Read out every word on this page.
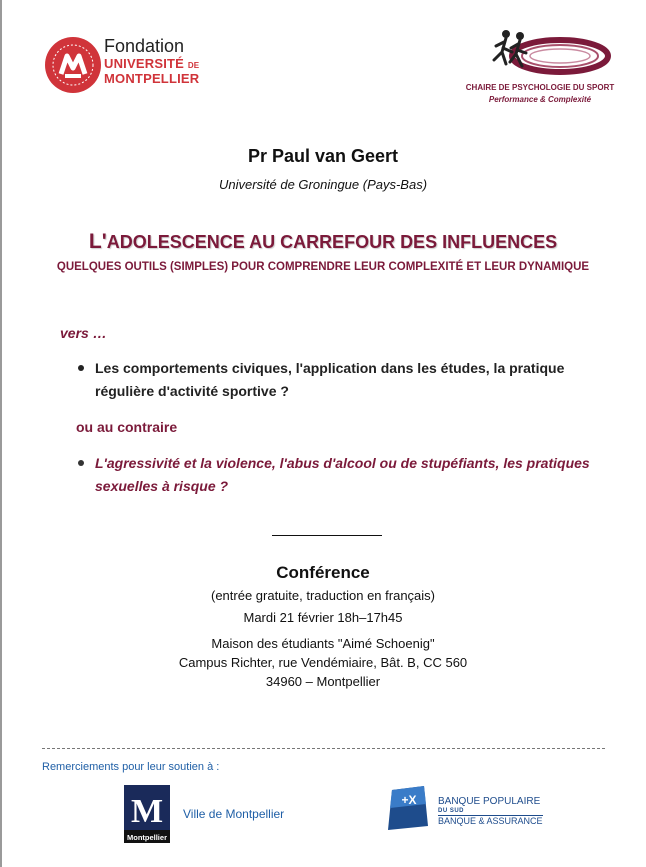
Fondation
UNIVERSITÉ DE
MONTPELLIER
CHAIRE DE PSYCHOLOGIE DU SPORT
Performance & Complexité
Pr Paul van Geert
Université de Groningue (Pays-Bas)
L'ADOLESCENCE AU CARREFOUR DES INFLUENCES
QUELQUES OUTILS (SIMPLES) POUR COMPRENDRE LEUR COMPLEXITÉ ET LEUR DYNAMIQUE
vers …
Les comportements civiques, l'application dans les études, la pratique régulière d'activité sportive ?
ou au contraire
L'agressivité et la violence, l'abus d'alcool ou de stupéfiants, les pratiques sexuelles à risque ?
Conférence
(entrée gratuite, traduction en français)
Mardi 21 février 18h–17h45
Maison des étudiants "Aimé Schoenig"
Campus Richter, rue Vendémiaire, Bât. B, CC 560
34960 – Montpellier
Remerciements pour leur soutien à :
M
Montpellier
Ville de Montpellier
+X BANQUE POPULAIRE
DU SUD
BANQUE & ASSURANCE
